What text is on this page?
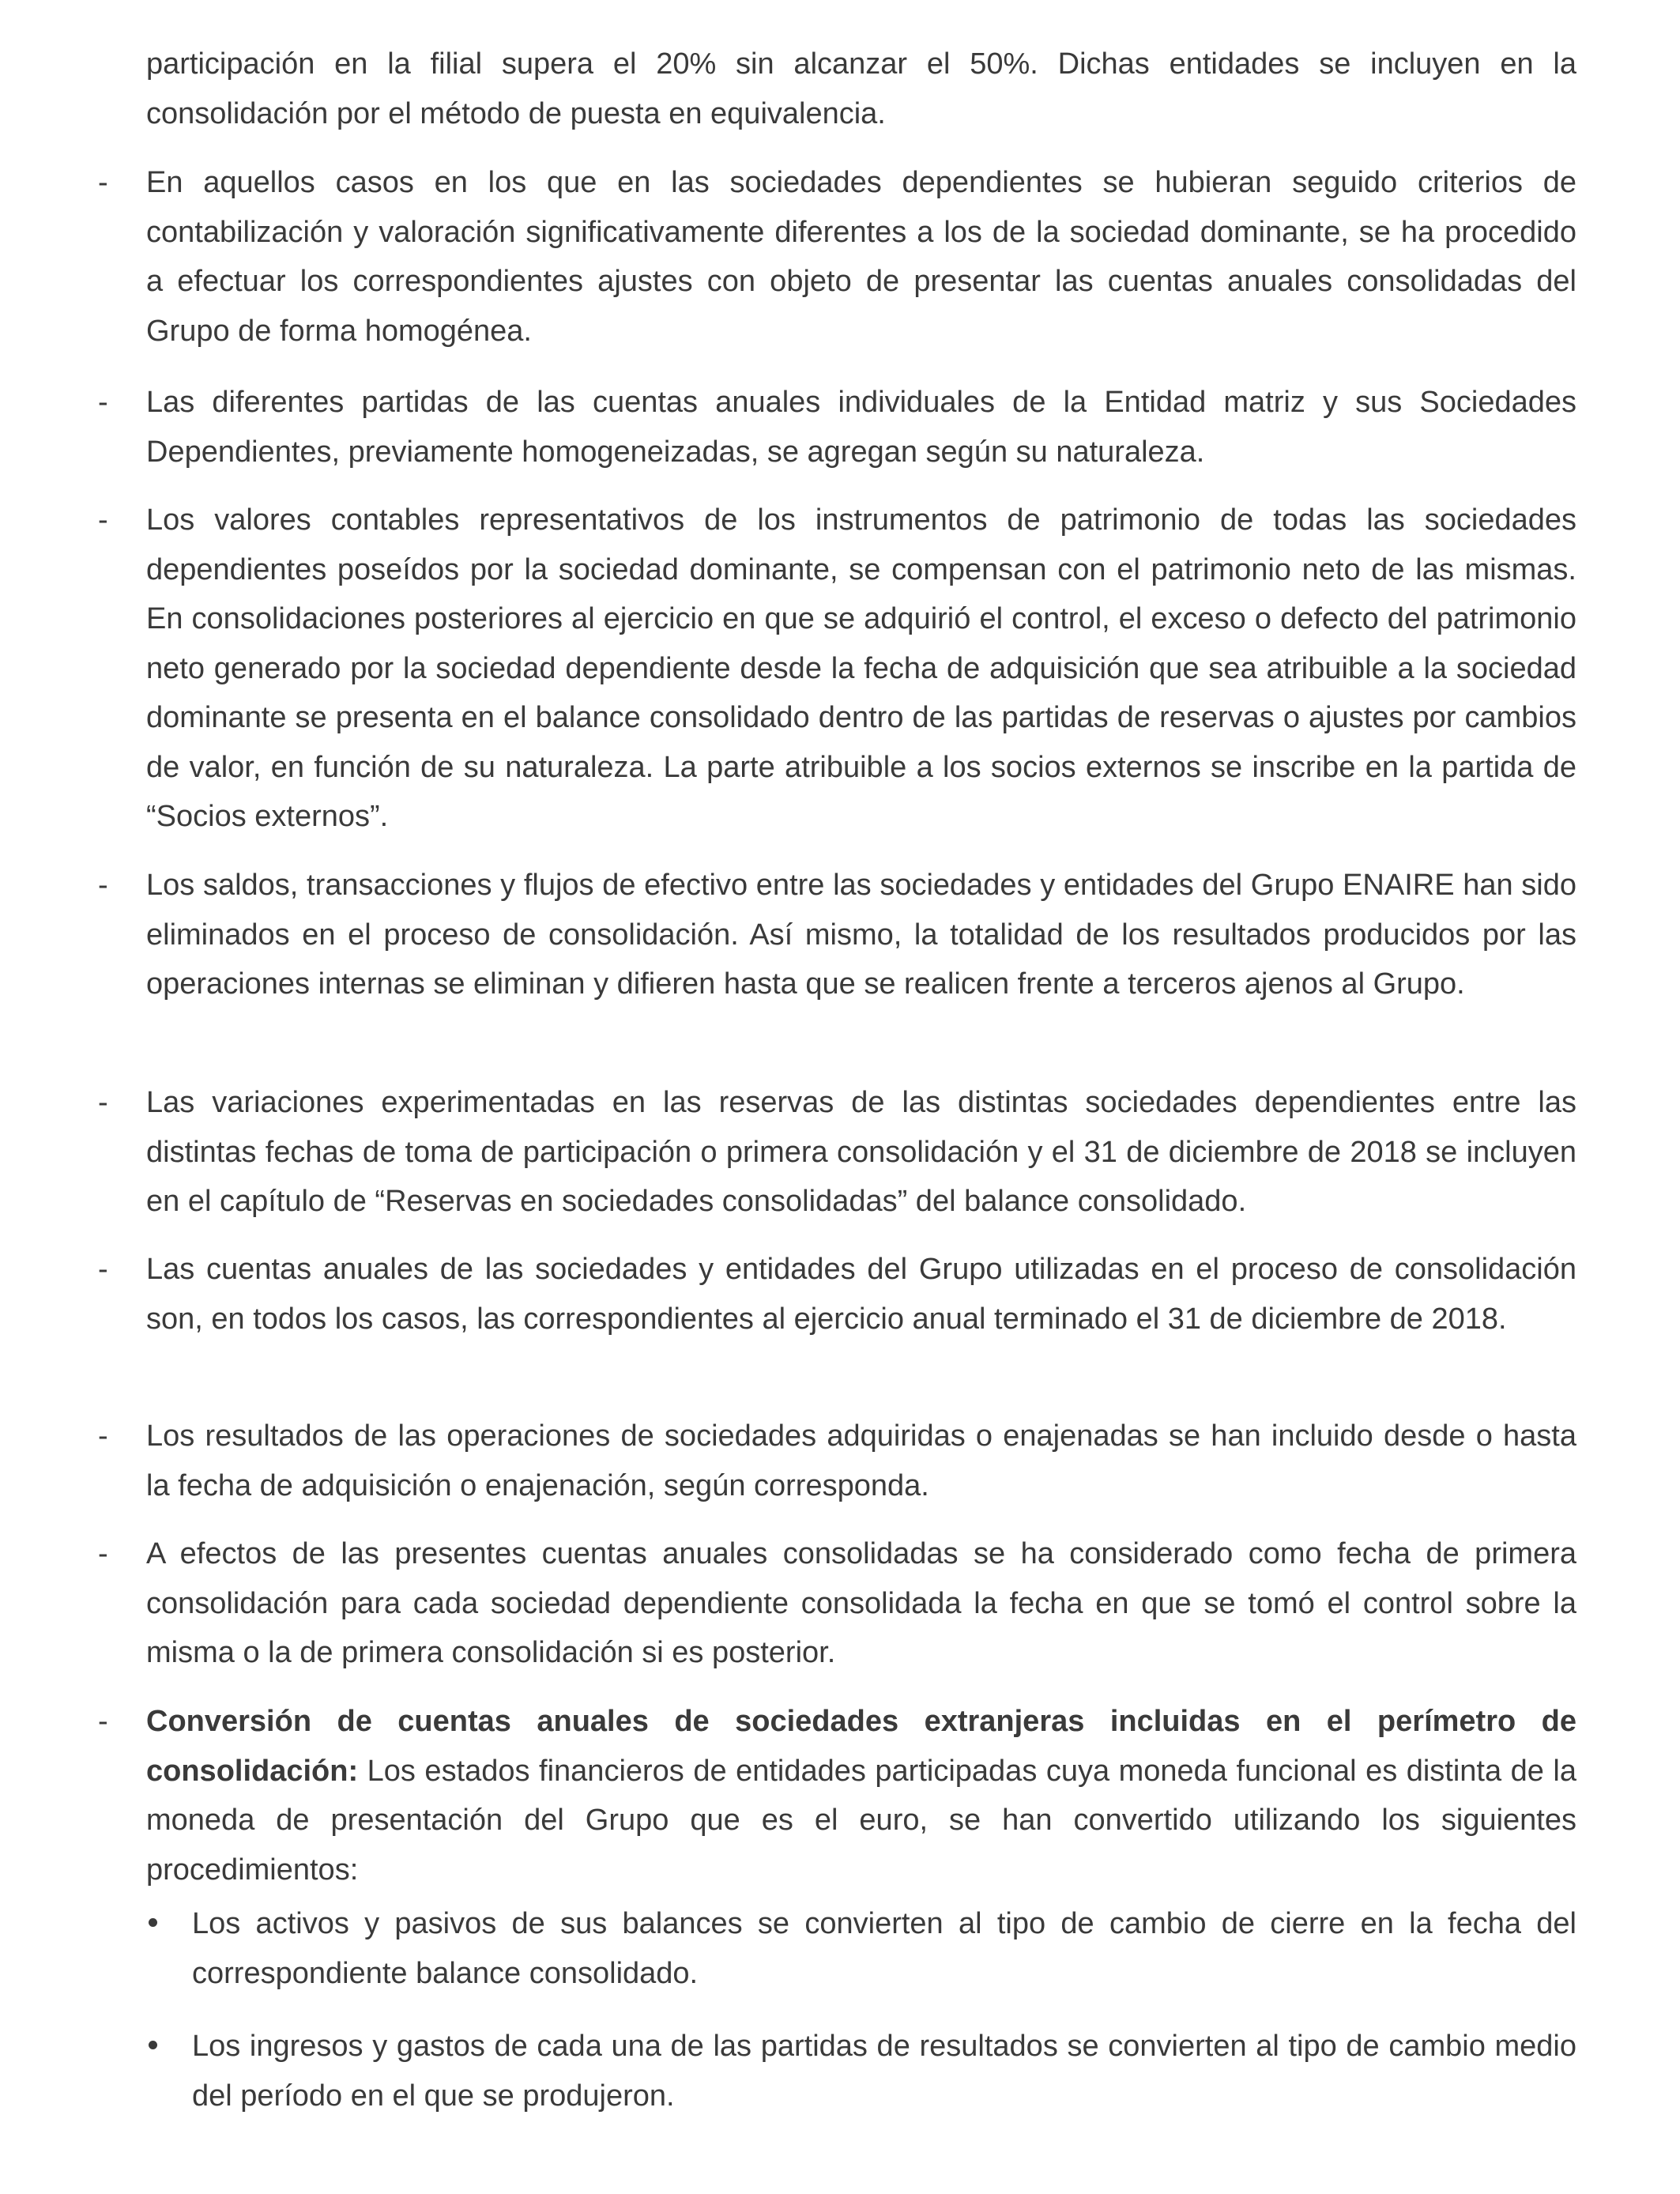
participación en la filial supera el 20% sin alcanzar el 50%. Dichas entidades se incluyen en la consolidación por el método de puesta en equivalencia.

- En aquellos casos en los que en las sociedades dependientes se hubieran seguido criterios de contabilización y valoración significativamente diferentes a los de la sociedad dominante, se ha procedido a efectuar los correspondientes ajustes con objeto de presentar las cuentas anuales consolidadas del Grupo de forma homogénea.

- Las diferentes partidas de las cuentas anuales individuales de la Entidad matriz y sus Sociedades Dependientes, previamente homogeneizadas, se agregan según su naturaleza.

- Los valores contables representativos de los instrumentos de patrimonio de todas las sociedades dependientes poseídos por la sociedad dominante, se compensan con el patrimonio neto de las mismas. En consolidaciones posteriores al ejercicio en que se adquirió el control, el exceso o defecto del patrimonio neto generado por la sociedad dependiente desde la fecha de adquisición que sea atribuible a la sociedad dominante se presenta en el balance consolidado dentro de las partidas de reservas o ajustes por cambios de valor, en función de su naturaleza. La parte atribuible a los socios externos se inscribe en la partida de “Socios externos”.

- Los saldos, transacciones y flujos de efectivo entre las sociedades y entidades del Grupo ENAIRE han sido eliminados en el proceso de consolidación. Así mismo, la totalidad de los resultados producidos por las operaciones internas se eliminan y difieren hasta que se realicen frente a terceros ajenos al Grupo.

- Las variaciones experimentadas en las reservas de las distintas sociedades dependientes entre las distintas fechas de toma de participación o primera consolidación y el 31 de diciembre de 2018 se incluyen en el capítulo de “Reservas en sociedades consolidadas” del balance consolidado.

- Las cuentas anuales de las sociedades y entidades del Grupo utilizadas en el proceso de consolidación son, en todos los casos, las correspondientes al ejercicio anual terminado el 31 de diciembre de 2018.

- Los resultados de las operaciones de sociedades adquiridas o enajenadas se han incluido desde o hasta la fecha de adquisición o enajenación, según corresponda.

- A efectos de las presentes cuentas anuales consolidadas se ha considerado como fecha de primera consolidación para cada sociedad dependiente consolidada la fecha en que se tomó el control sobre la misma o la de primera consolidación si es posterior.

- Conversión de cuentas anuales de sociedades extranjeras incluidas en el perímetro de consolidación: Los estados financieros de entidades participadas cuya moneda funcional es distinta de la moneda de presentación del Grupo que es el euro, se han convertido utilizando los siguientes procedimientos:

Los activos y pasivos de sus balances se convierten al tipo de cambio de cierre en la fecha del correspondiente balance consolidado.

Los ingresos y gastos de cada una de las partidas de resultados se convierten al tipo de cambio medio del período en el que se produjeron.
